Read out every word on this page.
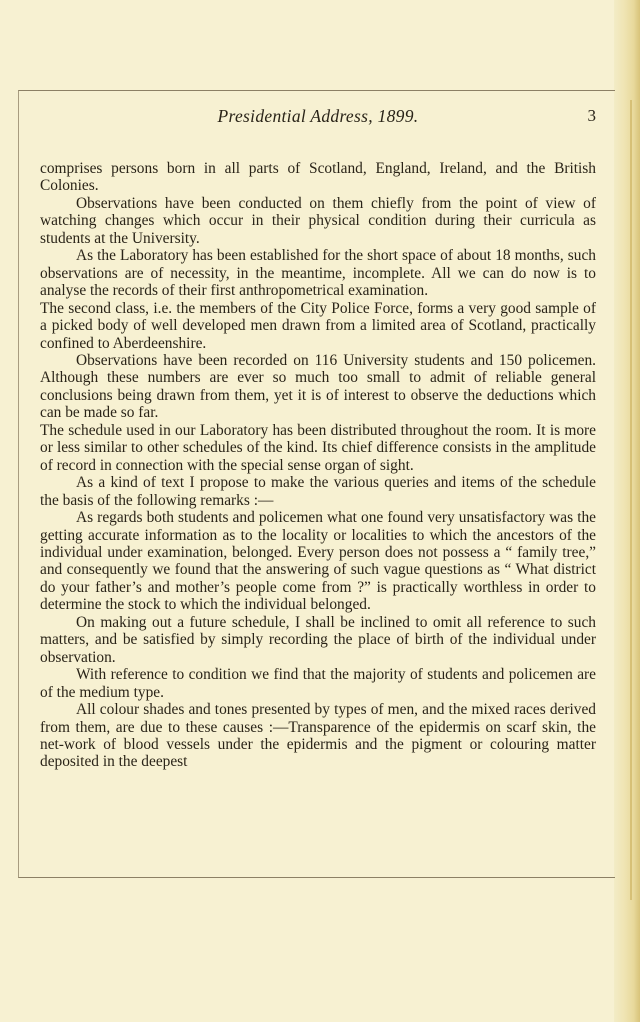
Presidential Address, 1899.	3

comprises persons born in all parts of Scotland, England, Ireland, and the British Colonies.

Observations have been conducted on them chiefly from the point of view of watching changes which occur in their physical condition during their curricula as students at the University.

As the Laboratory has been established for the short space of about 18 months, such observations are of necessity, in the meantime, incomplete. All we can do now is to analyse the records of their first anthropometrical examination.

The second class, i.e. the members of the City Police Force, forms a very good sample of a picked body of well developed men drawn from a limited area of Scotland, practically confined to Aberdeenshire.

Observations have been recorded on 116 University students and 150 policemen. Although these numbers are ever so much too small to admit of reliable general conclusions being drawn from them, yet it is of interest to observe the deductions which can be made so far.

The schedule used in our Laboratory has been distributed throughout the room. It is more or less similar to other schedules of the kind. Its chief difference consists in the amplitude of record in connection with the special sense organ of sight.

As a kind of text I propose to make the various queries and items of the schedule the basis of the following remarks :—

As regards both students and policemen what one found very unsatisfactory was the getting accurate information as to the locality or localities to which the ancestors of the individual under examination, belonged. Every person does not possess a “ family tree,” and consequently we found that the answering of such vague questions as “ What district do your father’s and mother’s people come from ?” is practically worthless in order to determine the stock to which the individual belonged.

On making out a future schedule, I shall be inclined to omit all reference to such matters, and be satisfied by simply recording the place of birth of the individual under observation.

With reference to condition we find that the majority of students and policemen are of the medium type.

All colour shades and tones presented by types of men, and the mixed races derived from them, are due to these causes :—Transparence of the epidermis on scarf skin, the net-work of blood vessels under the epidermis and the pigment or colouring matter deposited in the deepest
